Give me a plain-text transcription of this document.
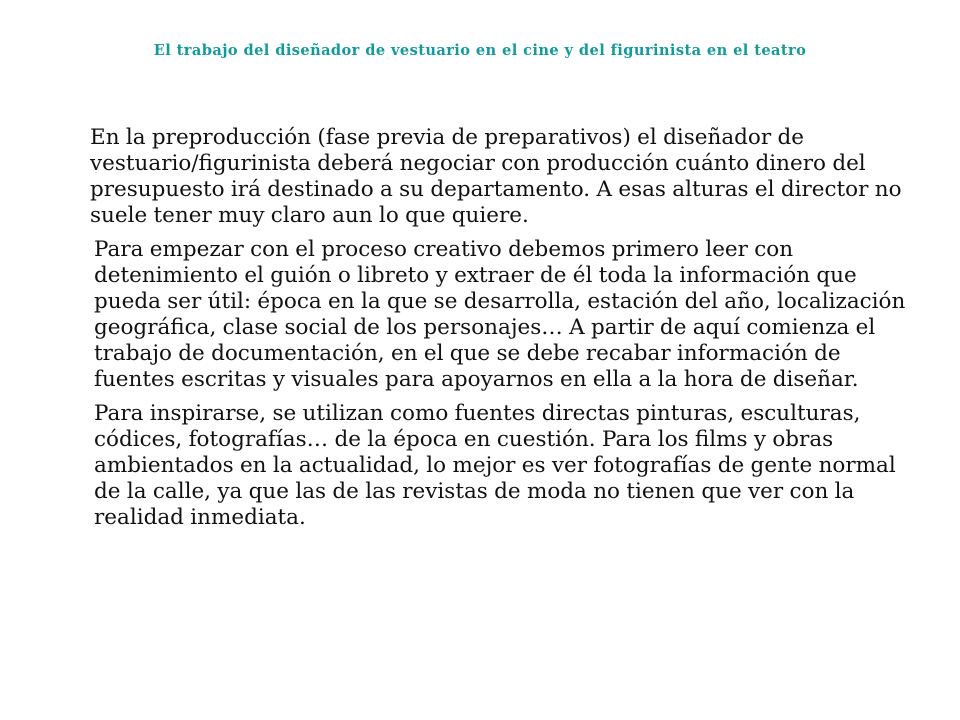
El trabajo del diseñador de vestuario en el cine y del figurinista en el teatro

En la preproducción (fase previa de preparativos) el diseñador de vestuario/figurinista deberá negociar con producción cuánto dinero del presupuesto irá destinado a su departamento. A esas alturas el director no suele tener muy claro aun lo que quiere.

Para empezar con el proceso creativo debemos primero leer con detenimiento el guión o libreto y extraer de él toda la información que pueda ser útil: época en la que se desarrolla, estación del año, localización geográfica, clase social de los personajes… A partir de aquí comienza el trabajo de documentación, en el que se debe recabar información de fuentes escritas y visuales para apoyarnos en ella a la hora de diseñar.

Para inspirarse, se utilizan como fuentes directas pinturas, esculturas, códices, fotografías… de la época en cuestión. Para los films y obras ambientados en la actualidad, lo mejor es ver fotografías de gente normal de la calle, ya que las de las revistas de moda no tienen que ver con la realidad inmediata.
